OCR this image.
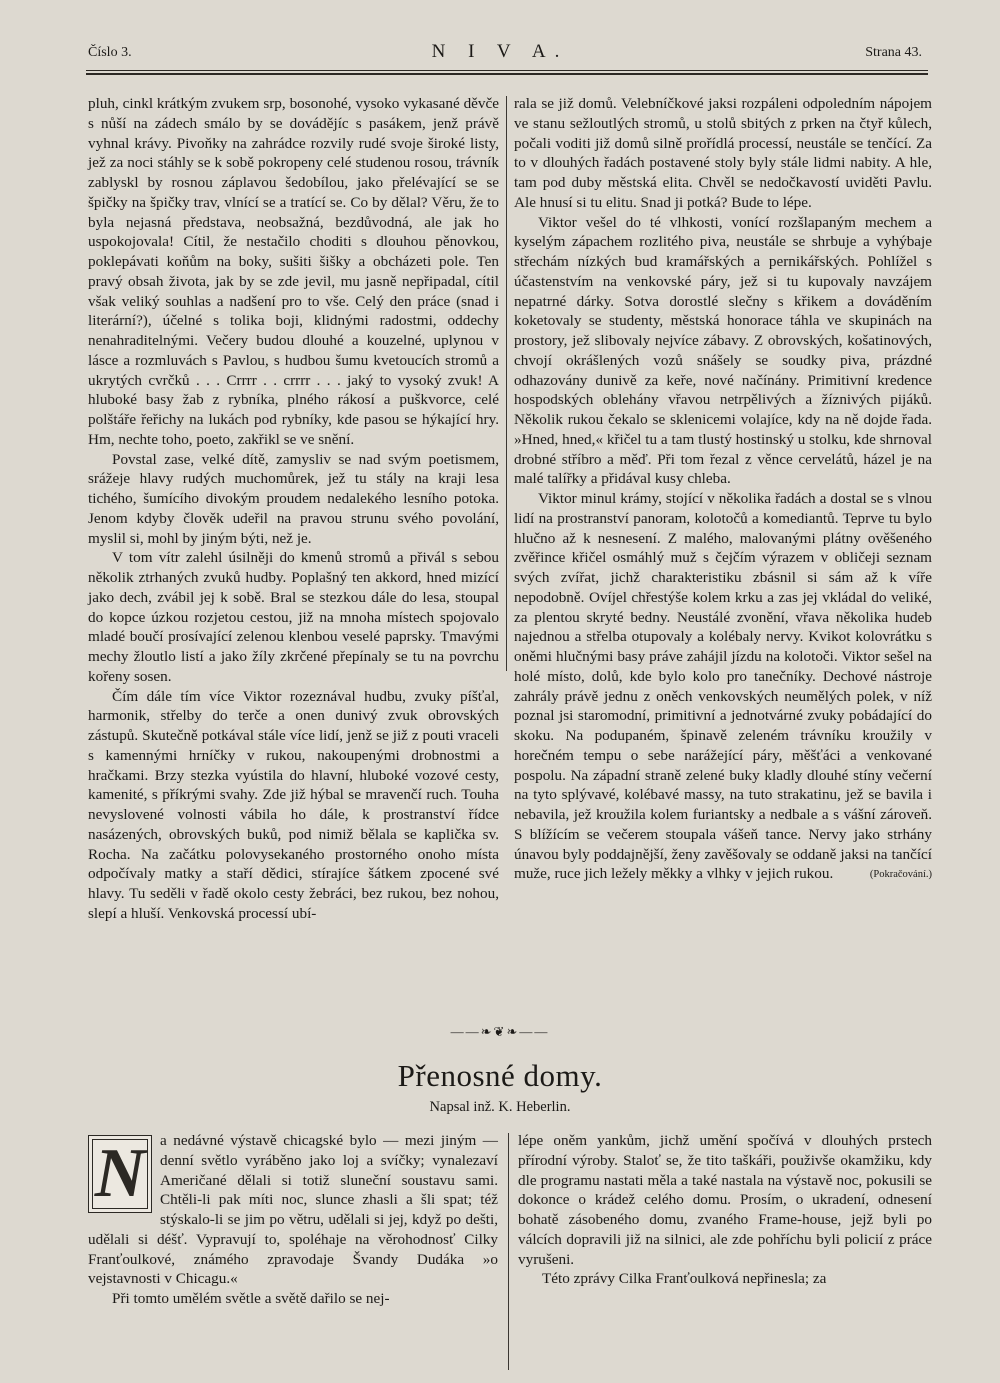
Číslo 3.	N I V A.	Strana 43.

pluh, cinkl krátkým zvukem srp, bosonohé, vysoko vykasané děvče s nůší na zádech smálo by se dovádějíc s pasákem, jenž právě vyhnal krávy. Pivoňky na zahrádce rozvily rudé svoje široké listy, jež za noci stáhly se k sobě pokropeny celé studenou rosou, trávník zablyskl by rosnou záplavou šedobílou, jako přelévající se se špičky na špičky trav, vlnící se a tratící se. Co by dělal? Věru, že to byla nejasná představa, neobsažná, bezdůvodná, ale jak ho uspokojovala! Cítil, že nestačilo choditi s dlouhou pěnovkou, poklepávati koňům na boky, sušiti šišky a obcházeti pole. Ten pravý obsah života, jak by se zde jevil, mu jasně nepřipadal, cítil však veliký souhlas a nadšení pro to vše. Celý den práce (snad i literární?), účelné s tolika boji, klidnými radostmi, oddechy nenahraditelnými. Večery budou dlouhé a kouzelné, uplynou v lásce a rozmluvách s Pavlou, s hudbou šumu kvetoucích stromů a ukrytých cvrčků . . . Crrrr . . crrrr . . . jaký to vysoký zvuk! A hluboké basy žab z rybníka, plného rákosí a puškvorce, celé polštáře řeřichy na lukách pod rybníky, kde pasou se hýkající hry. Hm, nechte toho, poeto, zakřikl se ve snění.

Povstal zase, velké dítě, zamysliv se nad svým poetismem, srážeje hlavy rudých muchomůrek, jež tu stály na kraji lesa tichého, šumícího divokým proudem nedalekého lesního potoka. Jenom kdyby člověk udeřil na pravou strunu svého povolání, myslil si, mohl by jiným býti, než je.

V tom vítr zalehl úsilněji do kmenů stromů a přivál s sebou několik ztrhaných zvuků hudby. Poplašný ten akkord, hned mizící jako dech, zvábil jej k sobě. Bral se stezkou dále do lesa, stoupal do kopce úzkou rozjetou cestou, již na mnoha místech spojovalo mladé boučí prosívající zelenou klenbou veselé paprsky. Tmavými mechy žloutlo listí a jako žíly zkrčené přepínaly se tu na povrchu kořeny sosen.

Čím dále tím více Viktor rozeznával hudbu, zvuky píšťal, harmonik, střelby do terče a onen dunivý zvuk obrovských zástupů. Skutečně potkával stále více lidí, jenž se již z pouti vraceli s kamennými hrníčky v rukou, nakoupenými drobnostmi a hračkami. Brzy stezka vyústila do hlavní, hluboké vozové cesty, kamenité, s příkrými svahy. Zde již hýbal se mravenčí ruch. Touha nevyslovené volnosti vábila ho dále, k prostranství řídce nasázených, obrovských buků, pod nimiž bělala se kaplička sv. Rocha. Na začátku polovysekaného prostorného onoho místa odpočívaly matky a staří dědici, stírajíce šátkem zpocené své hlavy. Tu seděli v řadě okolo cesty žebráci, bez rukou, bez nohou, slepí a hluší. Venkovská processí ubí-

rala se již domů. Velebníčkové jaksi rozpáleni odpoledním nápojem ve stanu sežloutlých stromů, u stolů sbitých z prken na čtyř kůlech, počali voditi již domů silně prořídlá processí, neustále se tenčící. Za to v dlouhých řadách postavené stoly byly stále lidmi nabity. A hle, tam pod duby městská elita. Chvěl se nedočkavostí uviděti Pavlu. Ale hnusí si tu elitu. Snad ji potká? Bude to lépe.

Viktor vešel do té vlhkosti, vonící rozšlapaným mechem a kyselým zápachem rozlitého piva, neustále se shrbuje a vyhýbaje střechám nízkých bud kramářských a pernikářských. Pohlížel s účastenstvím na venkovské páry, jež si tu kupovaly navzájem nepatrné dárky. Sotva dorostlé slečny s křikem a dováděním koketovaly se studenty, městská honorace táhla ve skupinách na prostory, jež slibovaly nejvíce zábavy. Z obrovských, košatinových, chvojí okrášlených vozů snášely se soudky piva, prázdné odhazovány dunivě za keře, nové načínány. Primitivní kredence hospodských oblehány vřavou netrpělivých a žíznivých pijáků. Několik rukou čekalo se sklenicemi volajíce, kdy na ně dojde řada. »Hned, hned,« křičel tu a tam tlustý hostinský u stolku, kde shrnoval drobné stříbro a měď. Při tom řezal z věnce cervelátů, házel je na malé talířky a přidával kusy chleba.

Viktor minul krámy, stojící v několika řadách a dostal se s vlnou lidí na prostranství panoram, kolotočů a komediantů. Teprve tu bylo hlučno až k nesnesení. Z malého, malovanými plátny ověšeného zvěřince křičel osmáhlý muž s čejčím výrazem v obličeji seznam svých zvířat, jichž charakteristiku zbásnil si sám až k víře nepodobně. Ovíjel chřestýše kolem krku a zas jej vkládal do veliké, za plentou skryté bedny. Neustálé zvonění, vřava několika hudeb najednou a střelba otupovaly a kolébaly nervy. Kvikot kolovrátku s oněmi hlučnými basy práve zahájil jízdu na kolotoči. Viktor sešel na holé místo, dolů, kde bylo kolo pro tanečníky. Dechové nástroje zahrály právě jednu z oněch venkovských neumělých polek, v níž poznal jsi staromodní, primitivní a jednotvárné zvuky pobádající do skoku. Na podupaném, špinavě zeleném trávníku kroužily v horečném tempu o sebe narážející páry, měšťáci a venkované pospolu. Na západní straně zelené buky kladly dlouhé stíny večerní na tyto splývavé, kolébavé massy, na tuto strakatinu, jež se bavila i nebavila, jež kroužila kolem furiantsky a nedbale a s vášní zároveň. S blížícím se večerem stoupala vášeň tance. Nervy jako strhány únavou byly poddajnější, ženy zavěšovaly se oddaně jaksi na tančící muže, ruce jich ležely měkky a vlhky v jejich rukou.	(Pokračování.)
——❧❦❧——
Přenosné domy.
Napsal inž. K. Heberlin.
N a nedávné výstavě chicagské bylo — mezi jiným — denní světlo vyráběno jako loj a svíčky; vynalezaví Američané dělali si totiž sluneční soustavu sami. Chtěli-li pak míti noc, slunce zhasli a šli spat; též stýskalo-li se jim po větru, udělali si jej, když po dešti, udělali si déšť. Vypravují to, spoléhaje na věrohodnosť Cilky Franťoulkové, známého zpravodaje Švandy Dudáka »o vejstavnosti v Chicagu.«

Při tomto umělém světle a světě dařilo se nej-

lépe oněm yankům, jichž umění spočívá v dlouhých prstech přírodní výroby. Staloť se, že tito taškáři, použivše okamžiku, kdy dle programu nastati měla a také nastala na výstavě noc, pokusili se dokonce o krádež celého domu. Prosím, o ukradení, odnesení bohatě zásobeného domu, zvaného Frame-house, jejž byli po válcích dopravili již na silnici, ale zde pohříchu byli policií z práce vyrušeni.

Této zprávy Cilka Franťoulková nepřinesla; za
